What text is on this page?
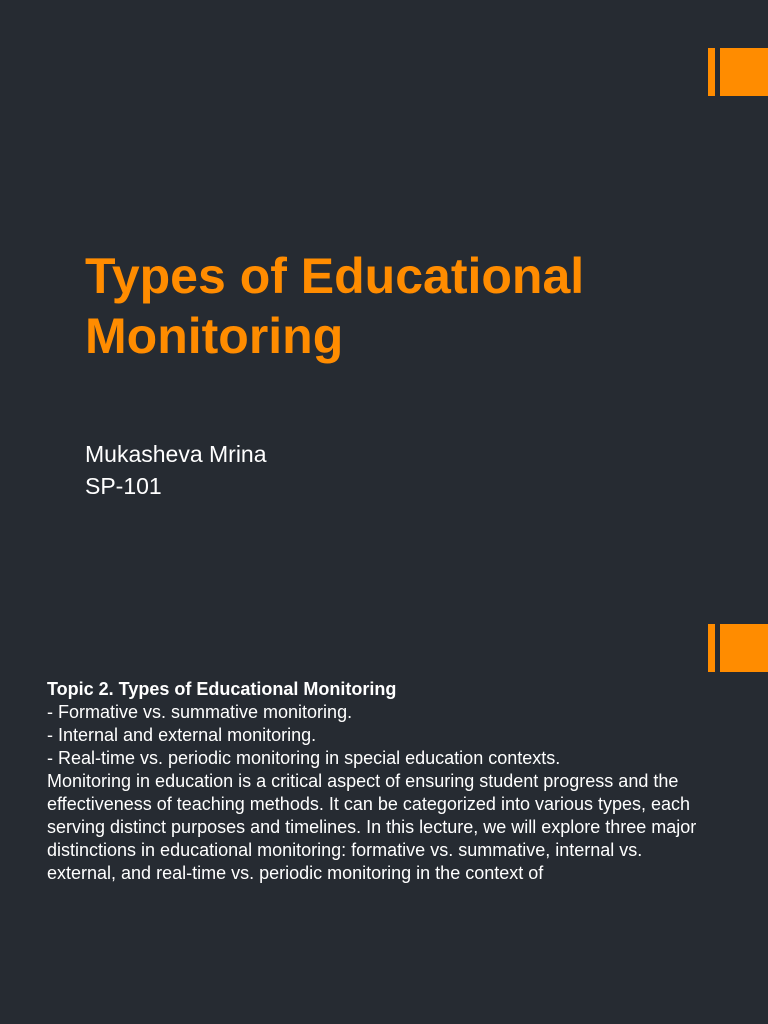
Types of Educational Monitoring
Mukasheva Mrina
SP-101
Topic 2. Types of Educational Monitoring
- Formative vs. summative monitoring.
- Internal and external monitoring.
- Real-time vs. periodic monitoring in special education contexts.
Monitoring in education is a critical aspect of ensuring student progress and the effectiveness of teaching methods. It can be categorized into various types, each serving distinct purposes and timelines. In this lecture, we will explore three major distinctions in educational monitoring: formative vs. summative, internal vs. external, and real-time vs. periodic monitoring in the context of
